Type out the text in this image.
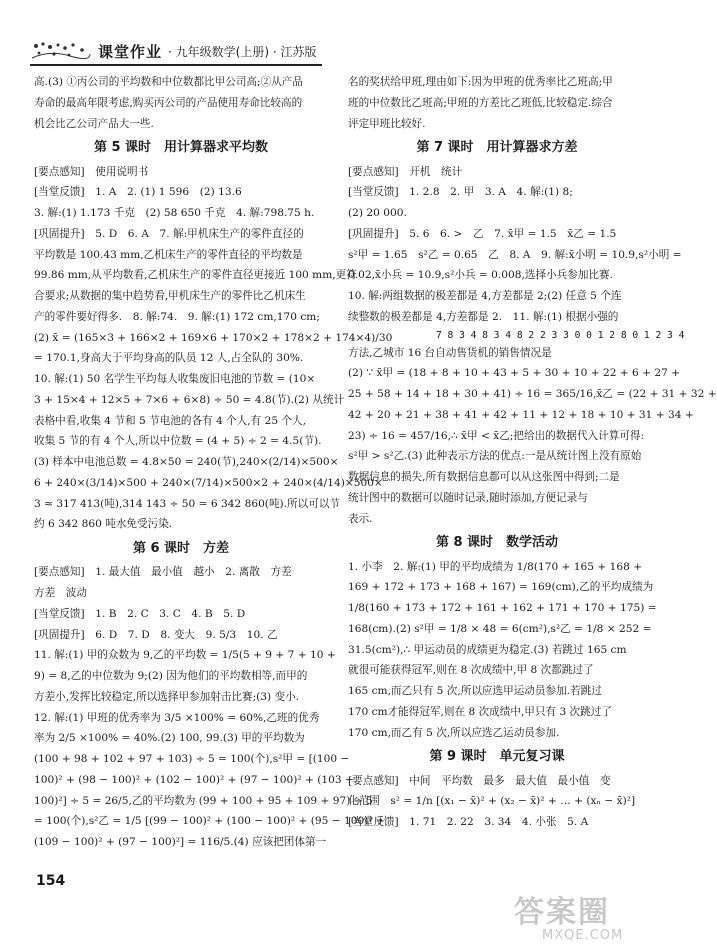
课堂作业 · 九年级数学(上册) · 江苏版
高.(3) ①丙公司的平均数和中位数都比甲公司高;②从产品
寿命的最高年限考虑,购买丙公司的产品使用寿命比较高的
机会比乙公司产品大一些.
第 5 课时　用计算器求平均数
[要点感知]　使用说明书
[当堂反馈]　1. A　2. (1) 1 596　(2) 13.6
3. 解:(1) 1.173 千克　(2) 58 650 千克　4. 解:798.75 h.
[巩固提升]　5. D　6. A　7. 解:甲机床生产的零件直径的
平均数是 100.43 mm,乙机床生产的零件直径的平均数是
99.86 mm,从平均数看,乙机床生产的零件直径更接近 100 mm,更符
合要求;从数据的集中趋势看,甲机床生产的零件比乙机床生
产的零件要好得多.　8. 解:74.　9. 解:(1) 172 cm,170 cm;
(2) x̄ = (165×3 + 166×2 + 169×6 + 170×2 + 178×2 + 174×4)/30
= 170.1,身高大于平均身高的队员 12 人,占全队的 30%.
10. 解:(1) 50 名学生平均每人收集废旧电池的节数 = (10×
3 + 15×4 + 12×5 + 7×6 + 6×8) ÷ 50 = 4.8(节).(2) 从统计
表格中看,收集 4 节和 5 节电池的各有 4 个人,有 25 个人,
收集 5 节的有 4 个人,所以中位数 = (4 + 5) ÷ 2 = 4.5(节).
(3) 样本中电池总数 = 4.8×50 = 240(节),240×(2/14)×500×
6 + 240×(3/14)×500 + 240×(7/14)×500×2 + 240×(4/14)×500×
3 ≈ 317 413(吨),314 143 ÷ 50 = 6 342 860(吨).所以可以节
约 6 342 860 吨水免受污染.
第 6 课时　方差
[要点感知]　1. 最大值　最小值　越小　2. 离散　方差
方差　波动
[当堂反馈]　1. B　2. C　3. C　4. B　5. D
[巩固提升]　6. D　7. D　8. 变大　9. 5/3　10. 乙
11. 解:(1) 甲的众数为 9,乙的平均数 = 1/5(5 + 9 + 7 + 10 +
9) = 8,乙的中位数为 9;(2) 因为他们的平均数相等,而甲的
方差小,发挥比较稳定,所以选择甲参加射击比赛;(3) 变小.
12. 解:(1) 甲班的优秀率为 3/5 ×100% = 60%,乙班的优秀
率为 2/5 ×100% = 40%.(2) 100, 99.(3) 甲的平均数为
(100 + 98 + 102 + 97 + 103) ÷ 5 = 100(个),s²甲 = [(100 −
100)² + (98 − 100)² + (102 − 100)² + (97 − 100)² + (103 −
100)²] ÷ 5 = 26/5,乙的平均数为 (99 + 100 + 95 + 109 + 97) ÷ 5
= 100(个),s²乙 = 1/5 [(99 − 100)² + (100 − 100)² + (95 − 100)² +
(109 − 100)² + (97 − 100)²] = 116/5.(4) 应该把团体第一
名的奖状给甲班,理由如下:因为甲班的优秀率比乙班高;甲
班的中位数比乙班高;甲班的方差比乙班低,比较稳定.综合
评定甲班比较好.
第 7 课时　用计算器求方差
[要点感知]　开机　统计
[当堂反馈]　1. 2.8　2. 甲　3. A　4. 解:(1) 8;
(2) 20 000.
[巩固提升]　5. 6　6. >　乙　7. x̄甲 = 1.5　x̄乙 = 1.5
s²甲 = 1.65　s²乙 = 0.65　乙　8. A　9. 解:x̄小明 = 10.9,s²小明 =
0.02,x̄小兵 = 10.9,s²小兵 = 0.008,选择小兵参加比赛.
10. 解:两组数据的极差都是 4,方差都是 2;(2) 任意 5 个连
续整数的极差都是 4,方差都是 2.　11. 解:(1) 根据小强的
7 8 3 4 8 3 4 8 2 2 3 3 0 0 1 2 8 0 1 2 3 4
方法,乙城市 16 台自动售货机的销售情况是
(2) ∵ x̄甲 = (18 + 8 + 10 + 43 + 5 + 30 + 10 + 22 + 6 + 27 +
25 + 58 + 14 + 18 + 30 + 41) ÷ 16 = 365/16,x̄乙 = (22 + 31 + 32 +
42 + 20 + 21 + 38 + 41 + 42 + 11 + 12 + 18 + 10 + 31 + 34 +
23) ÷ 16 = 457/16,∴ x̄甲 < x̄乙;把给出的数据代入计算可得:
s²甲 > s²乙.(3) 此种表示方法的优点:一是从统计图上没有原始
数据信息的损失,所有数据信息都可以从这张图中得到;二是
统计图中的数据可以随时记录,随时添加,方便记录与
表示.
第 8 课时　数学活动
1. 小李　2. 解:(1) 甲的平均成绩为 1/8(170 + 165 + 168 +
169 + 172 + 173 + 168 + 167) = 169(cm),乙的平均成绩为
1/8(160 + 173 + 172 + 161 + 162 + 171 + 170 + 175) =
168(cm).(2) s²甲 = 1/8 × 48 = 6(cm²),s²乙 = 1/8 × 252 =
31.5(cm²),∴ 甲运动员的成绩更为稳定.(3) 若跳过 165 cm
就很可能获得冠军,则在 8 次成绩中,甲 8 次都跳过了
165 cm,而乙只有 5 次,所以应选甲运动员参加.若跳过
170 cm才能得冠军,则在 8 次成绩中,甲只有 3 次跳过了
170 cm,而乙有 5 次,所以应选乙运动员参加.
第 9 课时　单元复习课
[要点感知]　中间　平均数　最多　最大值　最小值　变
化范围　s² = 1/n [(x₁ − x̄)² + (x₂ − x̄)² + … + (xₙ − x̄)²]
[当堂反馈]　1. 71　2. 22　3. 34　4. 小张　5. A
154
答案圈
MXQE.COM
